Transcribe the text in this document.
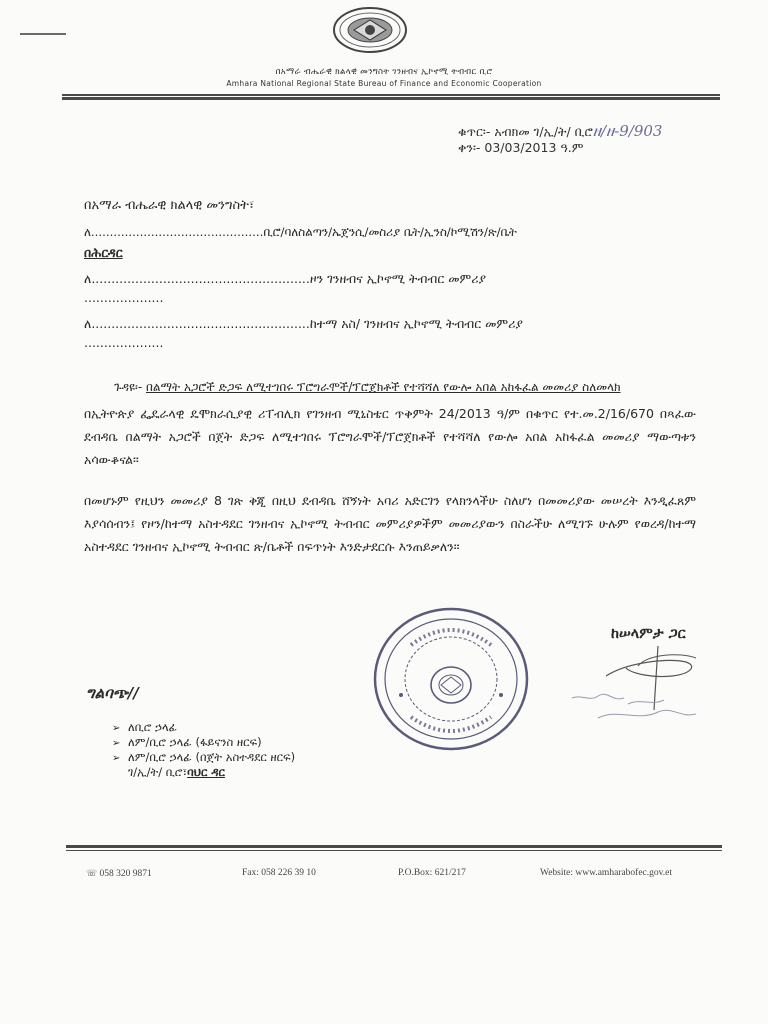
በአማራ ብሔራዊ ክልላዊ መንግስት ገንዘብና ኢኮኖሚ ትብብር ቢሮ
Amhara National Regional State Bureau of Finance and Economic Cooperation
ቁጥር፡- አብክመ ገ/ኢ/ት/ ቢሮዘ/ዘ-9/903
ቀን፡- 03/03/2013 ዓ.ም
በአማራ ብሔራዊ ክልላዊ መንግስት፣
ለ..............................................ቢሮ/ባለስልጣን/ኤጀንሲ/መስሪያ ቤት/ኢንስ/ኮሚሽን/ጽ/ቤት
በሕርዳር
ለ.......................................................ዞን ገንዘብና ኢኮኖሚ ትብብር መምሪያ
....................
ለ.......................................................ከተማ አስ/ ገንዘብና ኢኮኖሚ ትብብር መምሪያ
....................
ጉዳዩ፡- በልማት አጋሮች ድጋፍ ለሚተገበሩ ፕሮግራሞች/ፕሮጀክቶች የተሻሻለ የውሎ አበል አከፋፈል መመሪያ ስለመላክ
በኢትዮጵያ ፌዴራላዊ ዴሞክራሲያዊ ሪፐብሊክ የገንዘብ ሚኒስቴር ጥቅምት 24/2013 ዓ/ም በቁጥር የተ.መ.2/16/670 በጻፈው ደብዳቤ በልማት አጋሮች በጀት ድጋፍ ለሚተገበሩ ፕሮግራሞች/ፕሮጀክቶች የተሻሻለ የውሎ አበል አከፋፈል መመሪያ ማውጣቱን አሳውቆናል፡፡
በመሆኑም የዚህን መመሪያ 8 ገጽ ቅጂ በዚህ ደብዳቤ ሸኝነት አባሪ አድርገን የላክንላችሁ ስለሆነ በመመሪያው መሠረት እንዲፈጸም እያሳሰብን፤ የዞን/ከተማ አስተዳደር ገንዘብና ኢኮኖሚ ትብብር መምሪያዎችም መመሪያውን በስራችሁ ለሚገኙ ሁሉም የወረዳ/ከተማ አስተዳደር ገንዘብና ኢኮኖሚ ትብብር ጽ/ቤቶች በፍጥነት እንድታደርሱ እንጠይቃለን፡፡
ከሠላምታ ጋር
ግልባጭ//
➢ ለቢሮ ኃላፊ
➢ ለም/ቢሮ ኃላፊ (ፋይናንስ ዘርፍ)
➢ ለም/ቢሮ ኃላፊ (በጀት አስተዳደር ዘርፍ)
ገ/ኢ/ት/ ቢሮ፣ባህር ዳር
☏ 058 320 9871	Fax: 058 226 39 10	P.O.Box: 621/217	Website: www.amharabofec.gov.et
